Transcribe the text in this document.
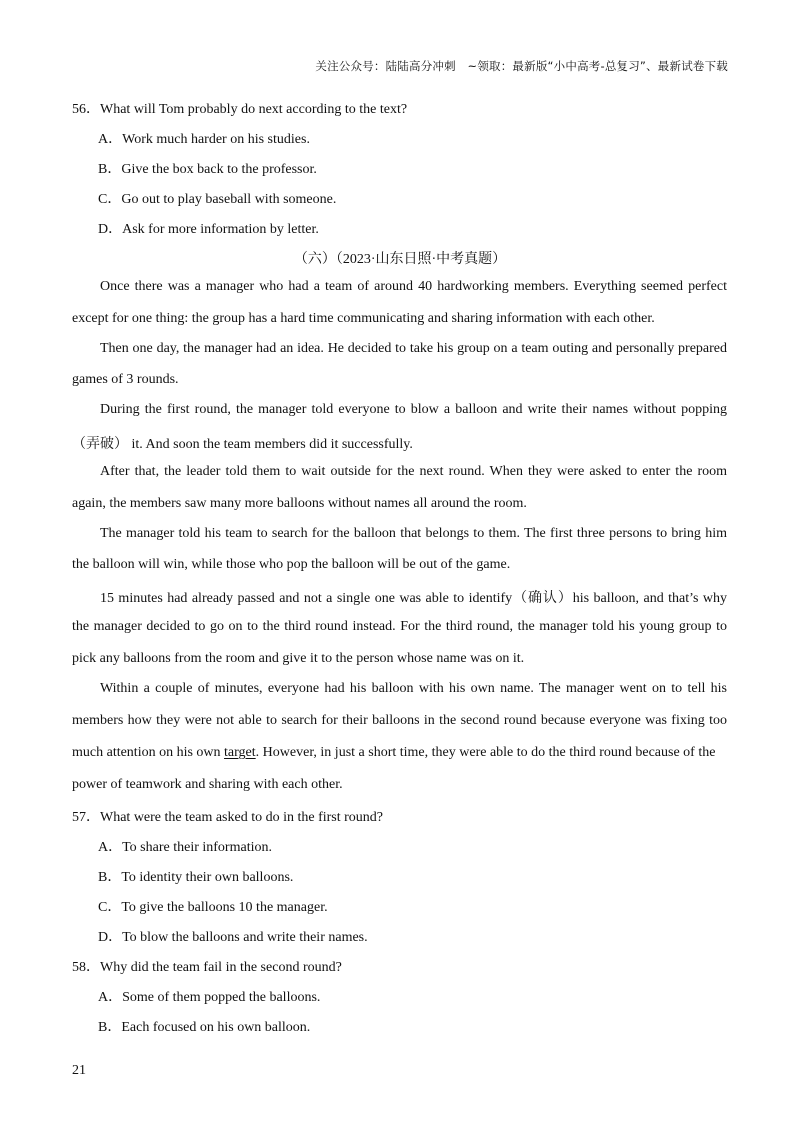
关注公众号：陆陆高分冲刺　~领取：最新版“小中高考-总复习”、最新试卷下载
56．What will Tom probably do next according to the text?
A．Work much harder on his studies.
B．Give the box back to the professor.
C．Go out to play baseball with someone.
D．Ask for more information by letter.
（六）（2023·山东日照·中考真题）
Once there was a manager who had a team of around 40 hardworking members. Everything seemed perfect
except for one thing: the group has a hard time communicating and sharing information with each other.
Then one day, the manager had an idea. He decided to take his group on a team outing and personally prepared
games of 3 rounds.
During the first round, the manager told everyone to blow a balloon and write their names without popping
（弄破） it. And soon the team members did it successfully.
After that, the leader told them to wait outside for the next round. When they were asked to enter the room
again, the members saw many more balloons without names all around the room.
The manager told his team to search for the balloon that belongs to them. The first three persons to bring him
the balloon will win, while those who pop the balloon will be out of the game.
15 minutes had already passed and not a single one was able to identify（确认）his balloon, and that’s why
the manager decided to go on to the third round instead. For the third round, the manager told his young group to
pick any balloons from the room and give it to the person whose name was on it.
Within a couple of minutes, everyone had his balloon with his own name. The manager went on to tell his
members how they were not able to search for their balloons in the second round because everyone was fixing too
much attention on his own target. However, in just a short time, they were able to do the third round because of the
power of teamwork and sharing with each other.
57．What were the team asked to do in the first round?
A．To share their information.
B．To identity their own balloons.
C．To give the balloons 10 the manager.
D．To blow the balloons and write their names.
58．Why did the team fail in the second round?
A．Some of them popped the balloons.
B．Each focused on his own balloon.
21
